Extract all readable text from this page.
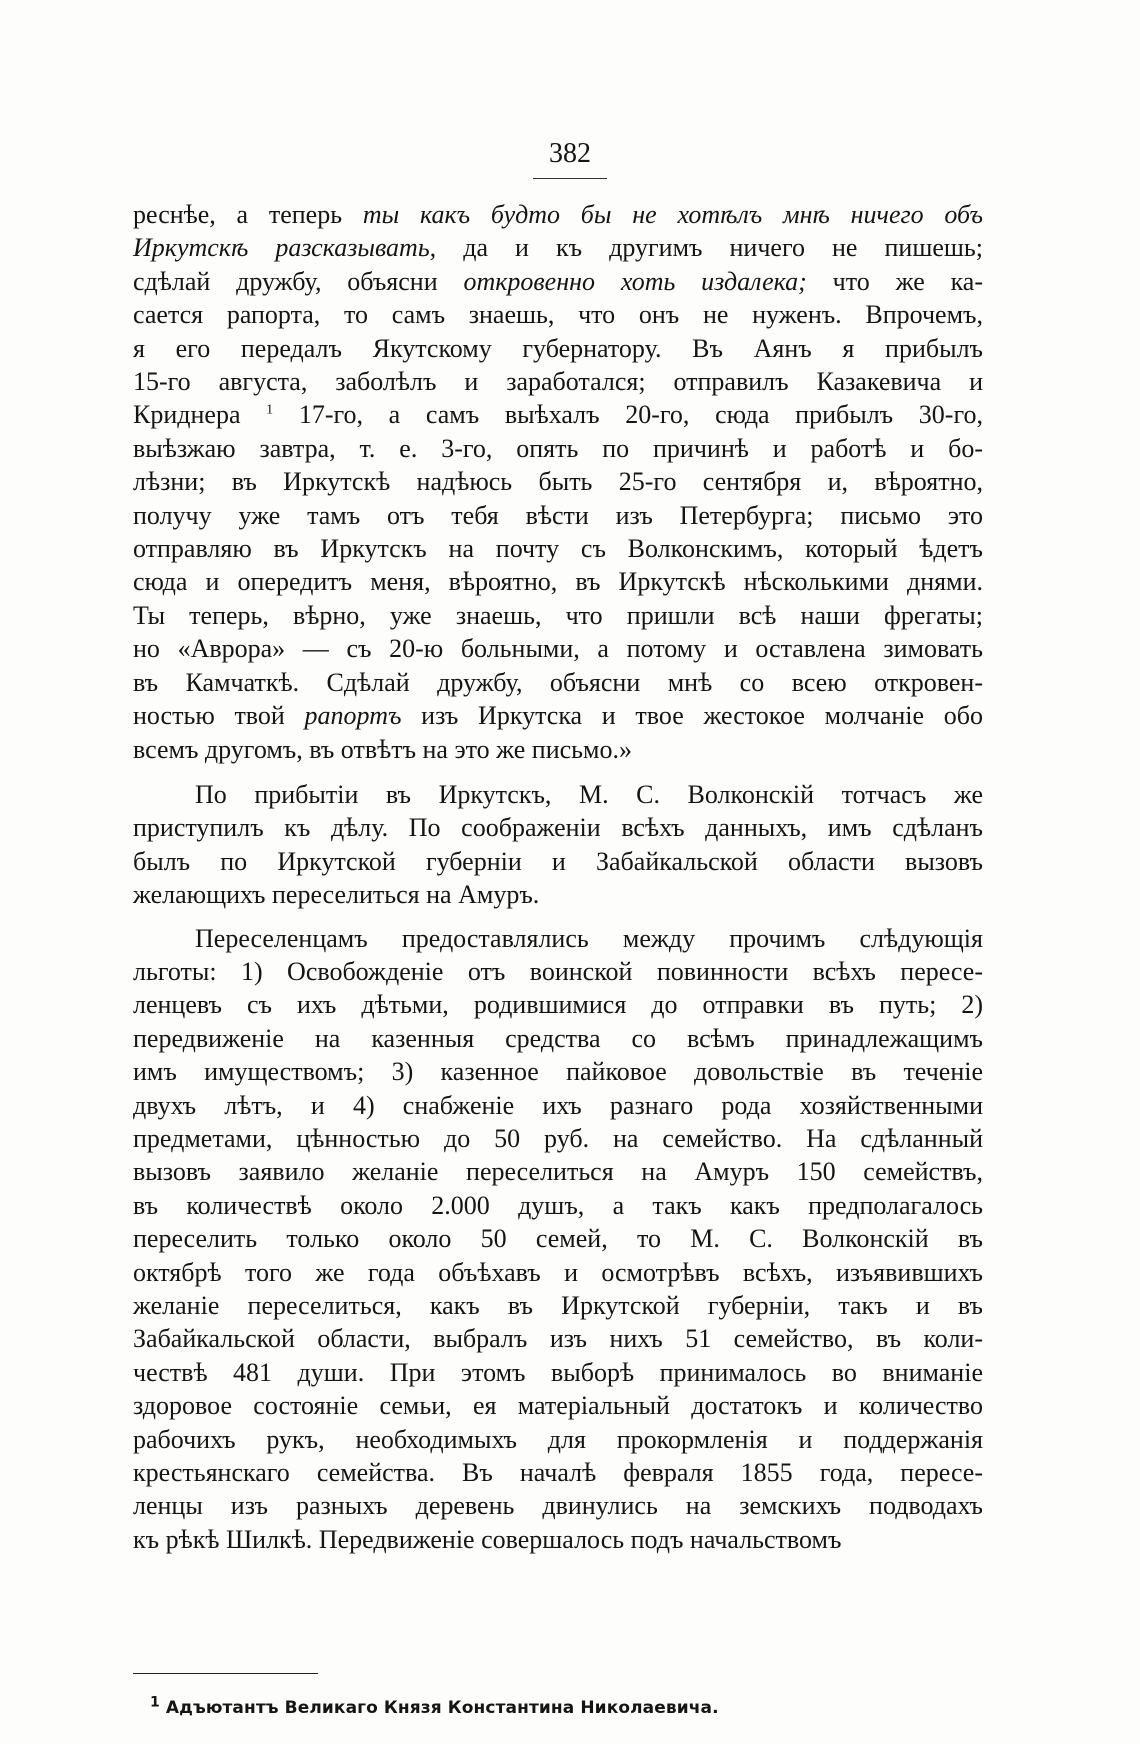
382
реснѣе, а теперь ты какъ будто бы не хотѣлъ мнѣ ничего объ
Иркутскѣ разсказывать, да и къ другимъ ничего не пишешь;
сдѣлай дружбу, объясни откровенно хоть издалека; что же ка-
сается рапорта, то самъ знаешь, что онъ не нуженъ. Впрочемъ,
я его передалъ Якутскому губернатору. Въ Аянъ я прибылъ
15-го августа, заболѣлъ и заработался; отправилъ Казакевича и
Криднера $^1$ 17-го, а самъ выѣхалъ 20-го, сюда прибылъ 30-го,
выѣзжаю завтра, т. е. 3-го, опять по причинѣ и работѣ и бо-
лѣзни; въ Иркутскѣ надѣюсь быть 25-го сентября и, вѣроятно,
получу уже тамъ отъ тебя вѣсти изъ Петербурга; письмо это
отправляю въ Иркутскъ на почту съ Волконскимъ, который ѣдетъ
сюда и опередитъ меня, вѣроятно, въ Иркутскѣ нѣсколькими днями.
Ты теперь, вѣрно, уже знаешь, что пришли всѣ наши фрегаты;
но «Аврора» — съ 20-ю больными, а потому и оставлена зимовать
въ Камчаткѣ. Сдѣлай дружбу, объясни мнѣ со всею откровен-
ностью твой рапортъ изъ Иркутска и твое жестокое молчаніе обо
всемъ другомъ, въ отвѣтъ на это же письмо.»
По прибытіи въ Иркутскъ, М. С. Волконскій тотчасъ же
приступилъ къ дѣлу. По соображеніи всѣхъ данныхъ, имъ сдѣланъ
былъ по Иркутской губерніи и Забайкальской области вызовъ
желающихъ переселиться на Амуръ.
Переселенцамъ предоставлялись между прочимъ слѣдующія
льготы: 1) Освобожденіе отъ воинской повинности всѣхъ пересе-
ленцевъ съ ихъ дѣтьми, родившимися до отправки въ путь; 2)
передвиженіе на казенныя средства со всѣмъ принадлежащимъ
имъ имуществомъ; 3) казенное пайковое довольствіе въ теченіе
двухъ лѣтъ, и 4) снабженіе ихъ разнаго рода хозяйственными
предметами, цѣнностью до 50 руб. на семейство. На сдѣланный
вызовъ заявило желаніе переселиться на Амуръ 150 семействъ,
въ количествѣ около 2.000 душъ, а такъ какъ предполагалось
переселить только около 50 семей, то М. С. Волконскій въ
октябрѣ того же года объѣхавъ и осмотрѣвъ всѣхъ, изъявившихъ
желаніе переселиться, какъ въ Иркутской губерніи, такъ и въ
Забайкальской области, выбралъ изъ нихъ 51 семейство, въ коли-
чествѣ 481 души. При этомъ выборѣ принималось во вниманіе
здоровое состояніе семьи, ея матеріальный достатокъ и количество
рабочихъ рукъ, необходимыхъ для прокормленія и поддержанія
крестьянскаго семейства. Въ началѣ февраля 1855 года, пересе-
ленцы изъ разныхъ деревень двинулись на земскихъ подводахъ
къ рѣкѣ Шилкѣ. Передвиженіе совершалось подъ начальствомъ
$^1$ Адъютантъ Великаго Князя Константина Николаевича.
